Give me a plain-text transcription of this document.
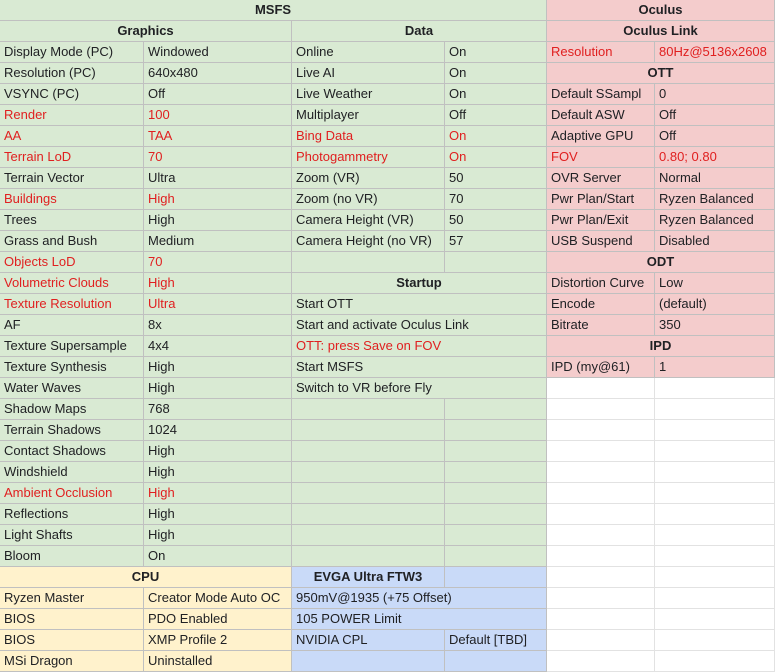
MSFS	Oculus
Graphics
Display Mode (PC)	Windowed
Resolution (PC)	640x480
VSYNC (PC)	Off
Render	100
AA	TAA
Terrain LoD	70
Terrain Vector	Ultra
Buildings	High
Trees	High
Grass and Bush	Medium
Objects LoD	70
Volumetric Clouds	High
Texture Resolution	Ultra
AF	8x
Texture Supersample	4x4
Texture Synthesis	High
Water Waves	High
Shadow Maps	768
Terrain Shadows	1024
Contact Shadows	High
Windshield	High
Ambient Occlusion	High
Reflections	High
Light Shafts	High
Bloom	On
Data
Online	On
Live AI	On
Live Weather	On
Multiplayer	Off
Bing Data	On
Photogammetry	On
Zoom (VR)	50
Zoom (no VR)	70
Camera Height (VR)	50
Camera Height (no VR)	57
Startup
Start OTT
Start and activate Oculus Link
OTT: press Save on FOV
Start MSFS
Switch to VR before Fly
CPU
Ryzen Master	Creator Mode Auto OC
BIOS	PDO Enabled
BIOS	XMP Profile 2
MSi Dragon	Uninstalled
EVGA Ultra FTW3
950mV@1935 (+75 Offset)
105 POWER Limit
NVIDIA CPL	Default [TBD]
Oculus Link
Resolution	80Hz@5136x2608
OTT
Default SSampl	0
Default ASW	Off
Adaptive GPU	Off
FOV	0.80; 0.80
OVR Server	Normal
Pwr Plan/Start	Ryzen Balanced
Pwr Plan/Exit	Ryzen Balanced
USB Suspend	Disabled
ODT
Distortion Curve	Low
Encode	(default)
Bitrate	350
IPD
IPD (my@61)	1
